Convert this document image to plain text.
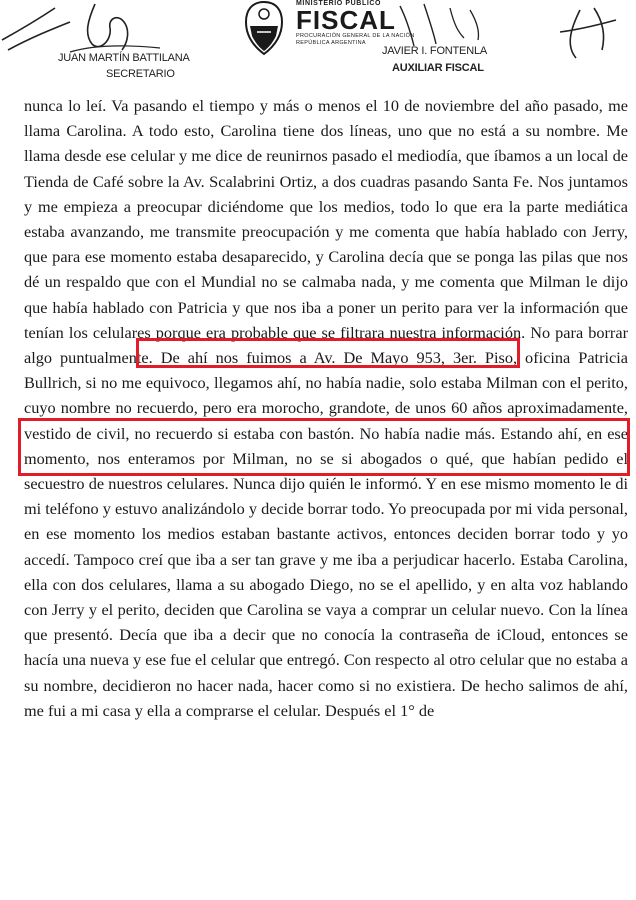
JUAN MARTÍN BATTILANA
SECRETARIO
MINISTERIO PÚBLICO
FISCAL
PROCURACIÓN GENERAL DE LA NACIÓN
REPÚBLICA ARGENTINA
JAVIER I. FONTENLA
AUXILIAR FISCAL

nunca lo leí. Va pasando el tiempo y más o menos el 10 de noviembre del año pasado, me llama Carolina. A todo esto, Carolina tiene dos líneas, uno que no está a su nombre. Me llama desde ese celular y me dice de reunirnos pasado el mediodía, que íbamos a un local de Tienda de Café sobre la Av. Scalabrini Ortiz, a dos cuadras pasando Santa Fe. Nos juntamos y me empieza a preocupar diciéndome que los medios, todo lo que era la parte mediática estaba avanzando, me transmite preocupación y me comenta que había hablado con Jerry, que para ese momento estaba desaparecido, y Carolina decía que se ponga las pilas que nos dé un respaldo que con el Mundial no se calmaba nada, y me comenta que Milman le dijo que había hablado con Patricia y que nos iba a poner un perito para ver la información que tenían los celulares porque era probable que se filtrara nuestra información. No para borrar algo puntualmente. De ahí nos fuimos a Av. De Mayo 953, 3er. Piso, oficina Patricia Bullrich, si no me equivoco, llegamos ahí, no había nadie, solo estaba Milman con el perito, cuyo nombre no recuerdo, pero era morocho, grandote, de unos 60 años aproximadamente, vestido de civil, no recuerdo si estaba con bastón. No había nadie más. Estando ahí, en ese momento, nos enteramos por Milman, no se si abogados o qué, que habían pedido el secuestro de nuestros celulares. Nunca dijo quién le informó. Y en ese mismo momento le di mi teléfono y estuvo analizándolo y decide borrar todo. Yo preocupada por mi vida personal, en ese momento los medios estaban bastante activos, entonces deciden borrar todo y yo accedí. Tampoco creí que iba a ser tan grave y me iba a perjudicar hacerlo. Estaba Carolina, ella con dos celulares, llama a su abogado Diego, no se el apellido, y en alta voz hablando con Jerry y el perito, deciden que Carolina se vaya a comprar un celular nuevo. Con la línea que presentó. Decía que iba a decir que no conocía la contraseña de iCloud, entonces se hacía una nueva y ese fue el celular que entregó. Con respecto al otro celular que no estaba a su nombre, decidieron no hacer nada, hacer como si no existiera. De hecho salimos de ahí, me fui a mi casa y ella a comprarse el celular. Después el 1° de
